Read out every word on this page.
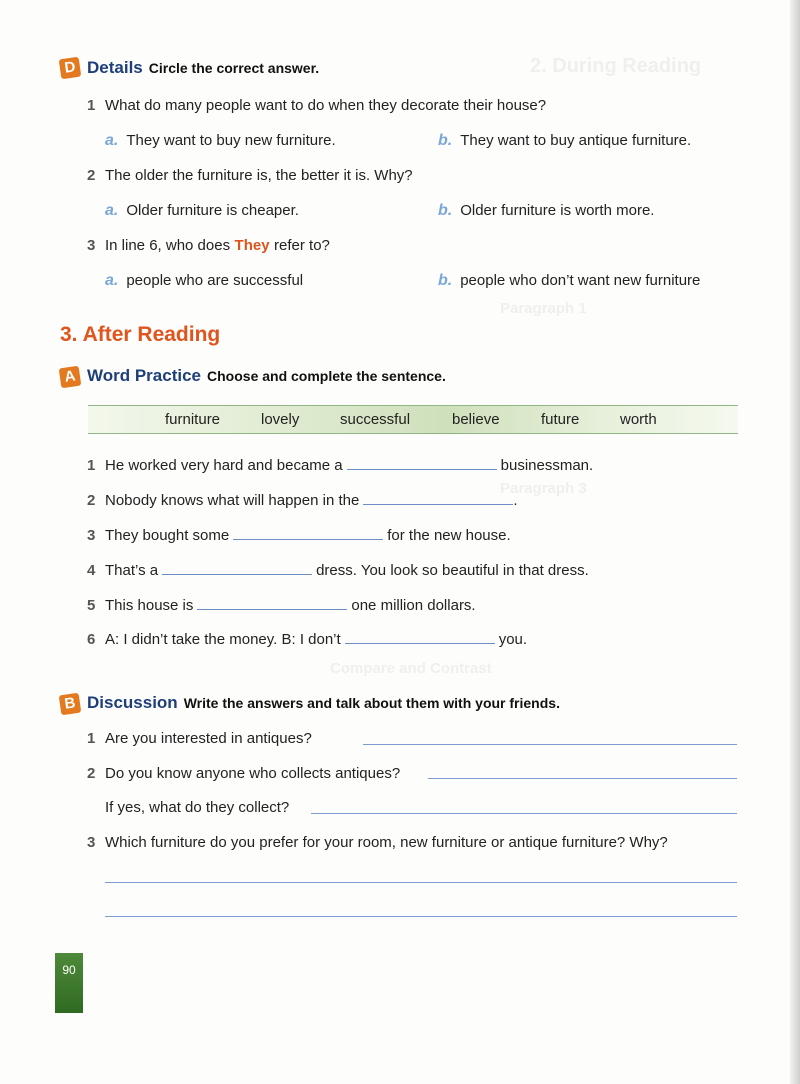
2. During Reading
Paragraph 1
Paragraph 3
Compare and Contrast
D Details Circle the correct answer.
1 What do many people want to do when they decorate their house?
a. They want to buy new furniture.	b. They want to buy antique furniture.
2 The older the furniture is, the better it is. Why?
a. Older furniture is cheaper.	b. Older furniture is worth more.
3 In line 6, who does They refer to?
a. people who are successful	b. people who don’t want new furniture
3. After Reading
A Word Practice Choose and complete the sentence.
furniture	lovely	successful	believe	future	worth
1 He worked very hard and became a	businessman.
2 Nobody knows what will happen in the	.
3 They bought some	for the new house.
4 That’s a	dress. You look so beautiful in that dress.
5 This house is	one million dollars.
6 A: I didn’t take the money. B: I don’t	you.
B Discussion Write the answers and talk about them with your friends.
1 Are you interested in antiques?
2 Do you know anyone who collects antiques?
If yes, what do they collect?
3 Which furniture do you prefer for your room, new furniture or antique furniture? Why?
90
